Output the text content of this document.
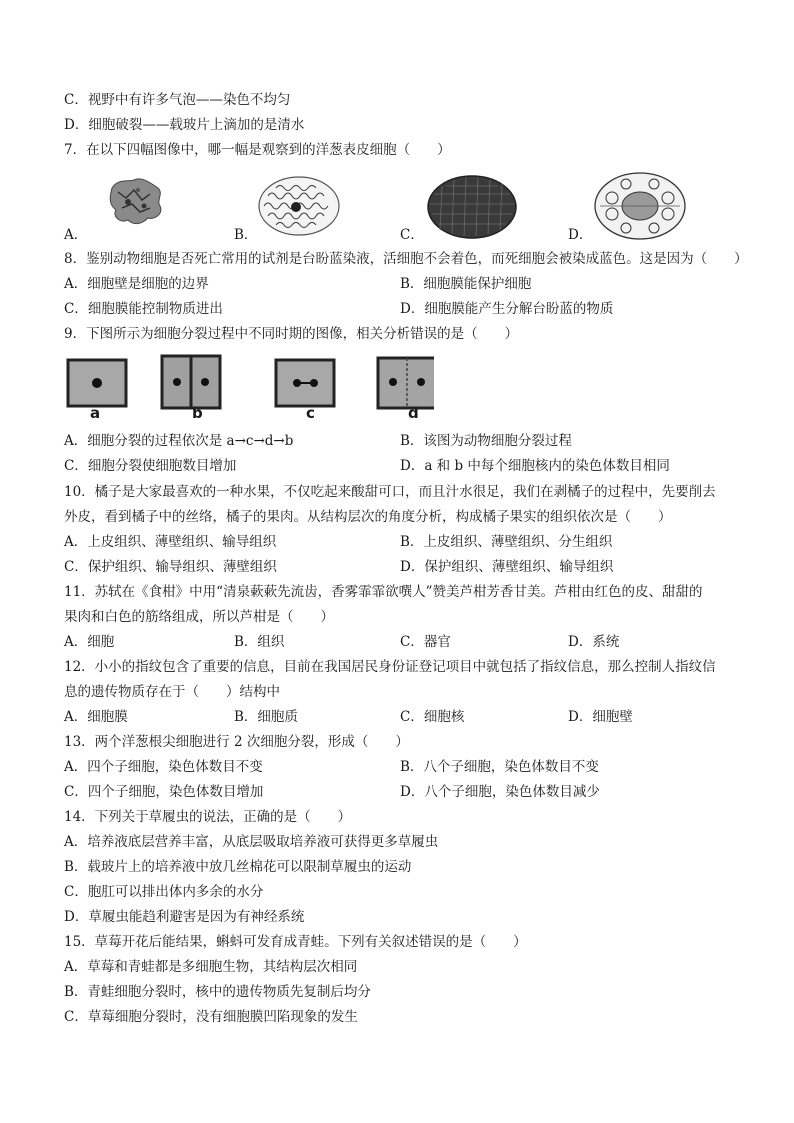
C．视野中有许多气泡——染色不均匀
D．细胞破裂——载玻片上滴加的是清水
7．在以下四幅图像中，哪一幅是观察到的洋葱表皮细胞（　　）
A．	B．	C．	D．
8．鉴别动物细胞是否死亡常用的试剂是台盼蓝染液，活细胞不会着色，而死细胞会被染成蓝色。这是因为（　　）
A．细胞壁是细胞的边界	B．细胞膜能保护细胞
C．细胞膜能控制物质进出	D．细胞膜能产生分解台盼蓝的物质
9．下图所示为细胞分裂过程中不同时期的图像，相关分析错误的是（　　）
a	b	c	d
A．细胞分裂的过程依次是 a→c→d→b	B．该图为动物细胞分裂过程
C．细胞分裂使细胞数目增加	D．a 和 b 中每个细胞核内的染色体数目相同
10．橘子是大家最喜欢的一种水果，不仅吃起来酸甜可口，而且汁水很足，我们在剥橘子的过程中，先要削去
外皮，看到橘子中的丝络，橘子的果肉。从结构层次的角度分析，构成橘子果实的组织依次是（　　）
A．上皮组织、薄壁组织、输导组织	B．上皮组织、薄壁组织、分生组织
C．保护组织、输导组织、薄壁组织	D．保护组织、薄壁组织、输导组织
11．苏轼在《食柑》中用“清泉蔌蔌先流齿，香雾霏霏欲噀人”赞美芦柑芳香甘美。芦柑由红色的皮、甜甜的
果肉和白色的筋络组成，所以芦柑是（　　）
A．细胞	B．组织	C．器官	D．系统
12．小小的指纹包含了重要的信息，目前在我国居民身份证登记项目中就包括了指纹信息，那么控制人指纹信
息的遗传物质存在于（　　）结构中
A．细胞膜	B．细胞质	C．细胞核	D．细胞壁
13．两个洋葱根尖细胞进行 2 次细胞分裂，形成（　　）
A．四个子细胞，染色体数目不变	B．八个子细胞，染色体数目不变
C．四个子细胞，染色体数目增加	D．八个子细胞，染色体数目减少
14．下列关于草履虫的说法，正确的是（　　）
A．培养液底层营养丰富，从底层吸取培养液可获得更多草履虫
B．载玻片上的培养液中放几丝棉花可以限制草履虫的运动
C．胞肛可以排出体内多余的水分
D．草履虫能趋利避害是因为有神经系统
15．草莓开花后能结果，蝌蚪可发育成青蛙。下列有关叙述错误的是（　　）
A．草莓和青蛙都是多细胞生物，其结构层次相同
B．青蛙细胞分裂时，核中的遗传物质先复制后均分
C．草莓细胞分裂时，没有细胞膜凹陷现象的发生
